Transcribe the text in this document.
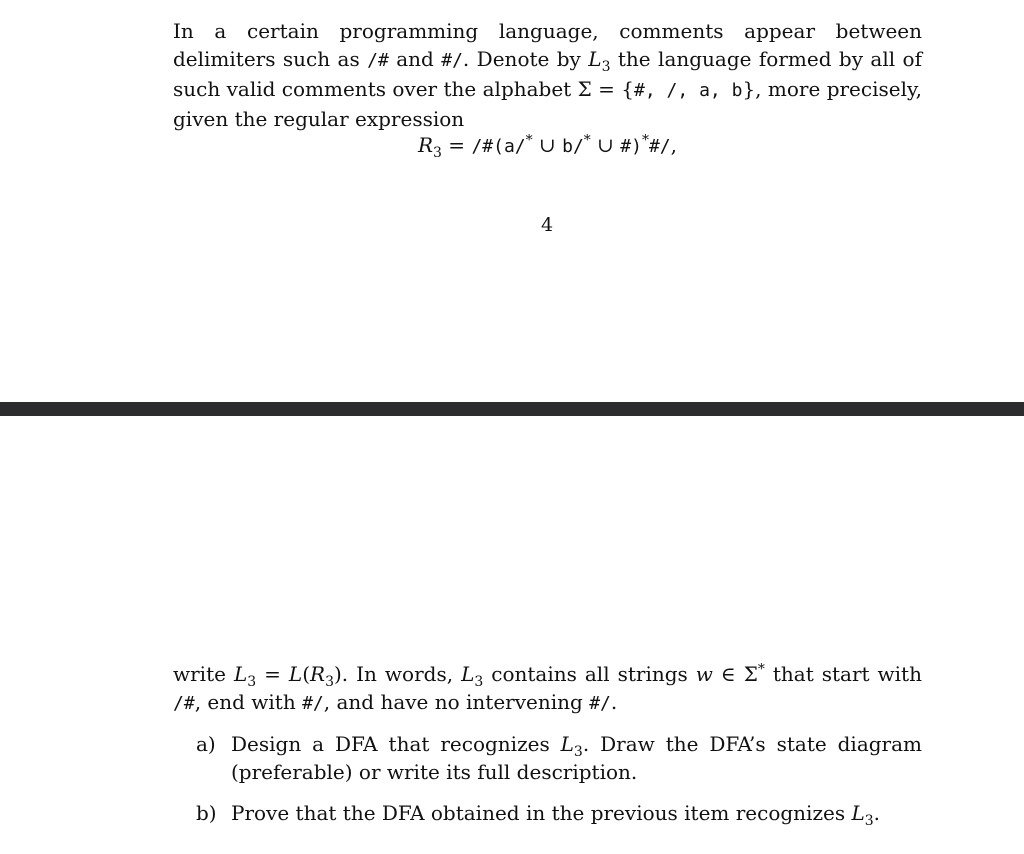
In a certain programming language, comments appear between delimiters such as /# and #/. Denote by $L_3$ the language formed by all of such valid comments over the alphabet Σ = {#, /, a, b}, more precisely, given the regular expression

$R_3$ = /#(a/* ∪ b/* ∪ #)*#/,
4

write $L_3 = L(R_3)$. In words, $L_3$ contains all strings w ∈ Σ* that start with /#, end with #/, and have no intervening #/.

a) Design a DFA that recognizes $L_3$. Draw the DFA’s state diagram (preferable) or write its full description.
b) Prove that the DFA obtained in the previous item recognizes $L_3$.
